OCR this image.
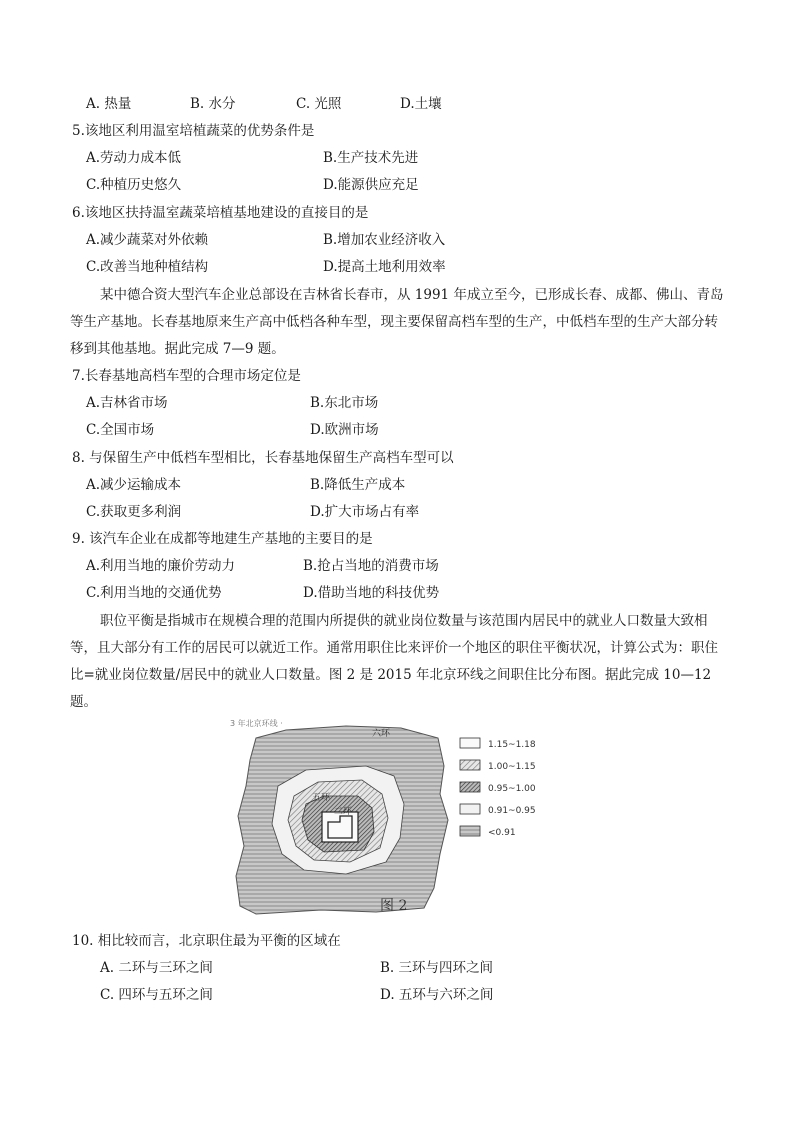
A. 热量	B. 水分	C. 光照	D.土壤
5.该地区利用温室培植蔬菜的优势条件是
A.劳动力成本低	B.生产技术先进
C.种植历史悠久	D.能源供应充足
6.该地区扶持温室蔬菜培植基地建设的直接目的是
A.减少蔬菜对外依赖	B.增加农业经济收入
C.改善当地种植结构	D.提高土地利用效率
某中德合资大型汽车企业总部设在吉林省长春市，从 1991 年成立至今，已形成长春、成都、佛山、青岛等生产基地。长春基地原来生产高中低档各种车型，现主要保留高档车型的生产，中低档车型的生产大部分转移到其他基地。据此完成 7—9 题。
7.长春基地高档车型的合理市场定位是
A.吉林省市场	B.东北市场
C.全国市场	D.欧洲市场
8. 与保留生产中低档车型相比，长春基地保留生产高档车型可以
A.减少运输成本	B.降低生产成本
C.获取更多利润	D.扩大市场占有率
9. 该汽车企业在成都等地建生产基地的主要目的是
A.利用当地的廉价劳动力	B.抢占当地的消费市场
C.利用当地的交通优势	D.借助当地的科技优势
职位平衡是指城市在规模合理的范围内所提供的就业岗位数量与该范围内居民中的就业人口数量大致相等，且大部分有工作的居民可以就近工作。通常用职住比来评价一个地区的职住平衡状况，计算公式为：职住比=就业岗位数量/居民中的就业人口数量。图 2 是 2015 年北京环线之间职住比分布图。据此完成 10—12 题。
3 年北京环线 ·
六环
五环
二环
1.15~1.18
1.00~1.15
0.95~1.00
0.91~0.95
<0.91
图 2
10. 相比较而言，北京职住最为平衡的区域在
A. 二环与三环之间	B. 三环与四环之间
C. 四环与五环之间	D. 五环与六环之间
